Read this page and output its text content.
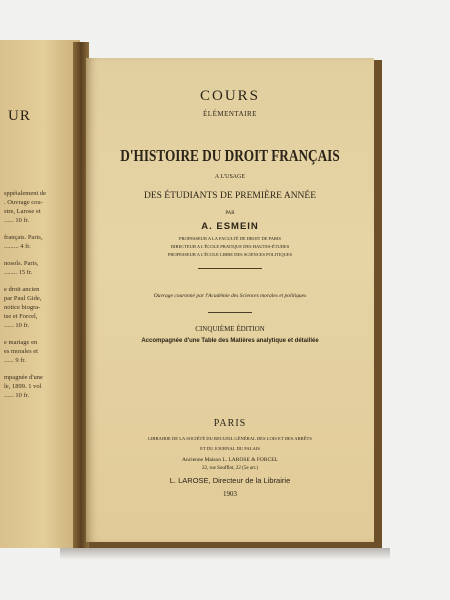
UR
sppéialement de
. Ouvrage cou-
stre, Larose et
...... 10 fr.
français. Paris,
......... 4 fr.
nosols. Paris,
........ 15 fr.
e droit ancien
par Paul Gide,
notice biogra-
tse et Forcel,
...... 10 fr.
e mariage en
es morales et
...... 9 fr.
mpagnée d'une
le, 1899. 1 vol
...... 10 fr.
COURS
ÉLÉMENTAIRE
D'HISTOIRE DU DROIT FRANÇAIS
A L'USAGE
DES ÉTUDIANTS DE PREMIÈRE ANNÉE
PAR
A. ESMEIN
PROFESSEUR A LA FACULTÉ DE DROIT DE PARIS
DIRECTEUR A L'ÉCOLE PRATIQUE DES HAUTES-ÉTUDES
PROFESSEUR A L'ÉCOLE LIBRE DES SCIENCES POLITIQUES
Ouvrage couronné par l'Académie des Sciences morales et politiques
CINQUIÈME ÉDITION
Accompagnée d'une Table des Matières analytique et détaillée
PARIS
LIBRAIRIE DE LA SOCIÉTÉ DU RECUEIL GÉNÉRAL DES LOIS ET DES ARRÊTS
ET DU JOURNAL DU PALAIS
Ancienne Maison L. LAROSE & FORCEL
22, rue Soufflot, 22 (5e arr.)
L. LAROSE, Directeur de la Librairie
1903
